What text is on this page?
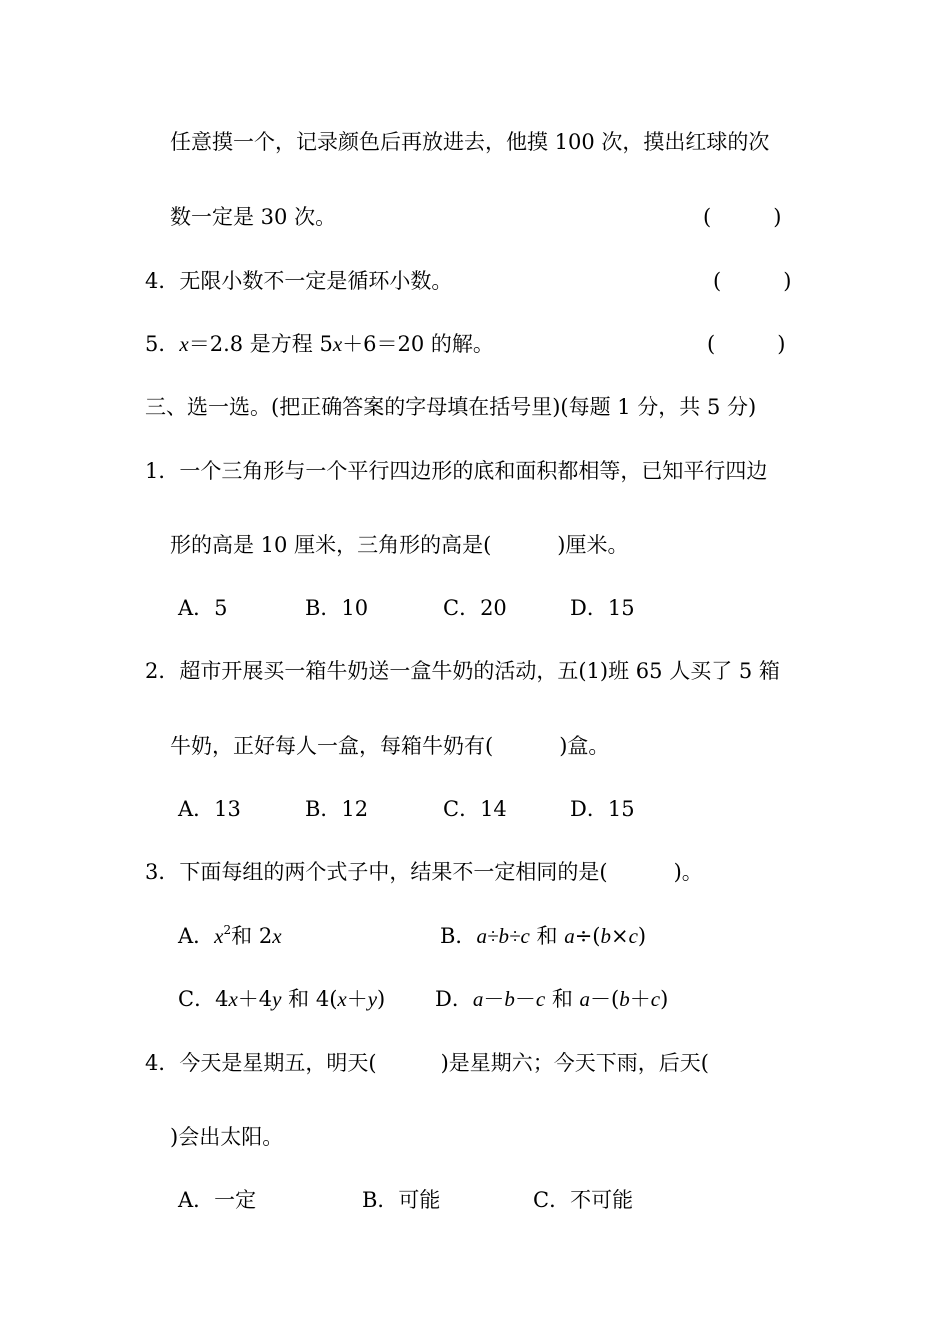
任意摸一个，记录颜色后再放进去，他摸 100 次，摸出红球的次
数一定是 30 次。	(	)
4．无限小数不一定是循环小数。	(	)
5．x＝2.8 是方程 5x＋6＝20 的解。	(	)
三、选一选。(把正确答案的字母填在括号里)(每题 1 分，共 5 分)
1．一个三角形与一个平行四边形的底和面积都相等，已知平行四边
形的高是 10 厘米，三角形的高是(	)厘米。
A．5	B．10	C．20	D．15
2．超市开展买一箱牛奶送一盒牛奶的活动，五(1)班 65 人买了 5 箱
牛奶，正好每人一盒，每箱牛奶有(	)盒。
A．13	B．12	C．14	D．15
3．下面每组的两个式子中，结果不一定相同的是(	)。
A．$x^2$和 2x	B．a÷b÷c 和 a÷(b×c)
C．4x＋4y 和 4(x＋y) D．a－b－c 和 a－(b＋c)
4．今天是星期五，明天(	)是星期六；今天下雨，后天(
)会出太阳。
A．一定	B．可能	C．不可能
